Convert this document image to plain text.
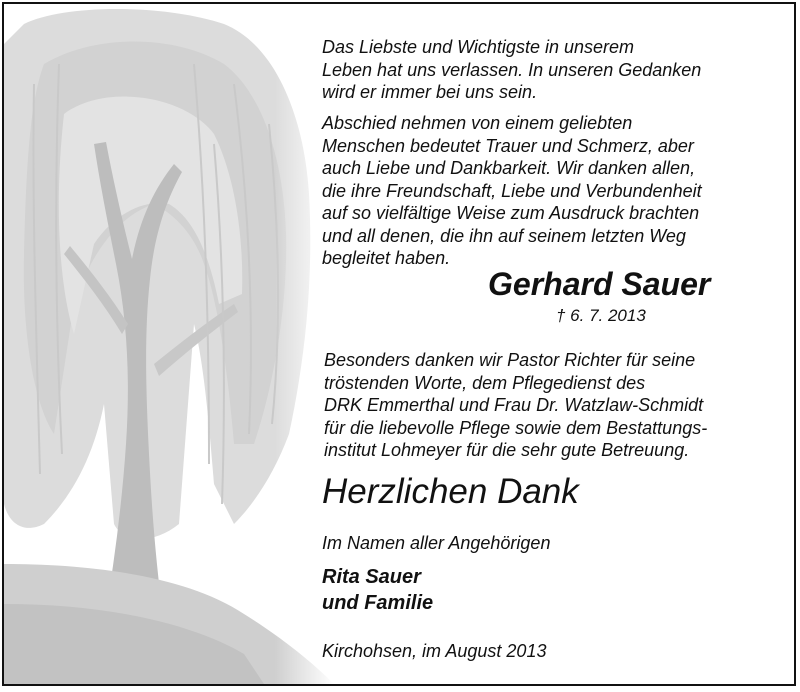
Das Liebste und Wichtigste in unserem
Leben hat uns verlassen. In unseren Gedanken
wird er immer bei uns sein.
Abschied nehmen von einem geliebten
Menschen bedeutet Trauer und Schmerz, aber
auch Liebe und Dankbarkeit. Wir danken allen,
die ihre Freundschaft, Liebe und Verbundenheit
auf so vielfältige Weise zum Ausdruck brachten
und all denen, die ihn auf seinem letzten Weg
begleitet haben.
Gerhard Sauer
† 6. 7. 2013
Besonders danken wir Pastor Richter für seine
tröstenden Worte, dem Pflegedienst des
DRK Emmerthal und Frau Dr. Watzlaw-Schmidt
für die liebevolle Pflege sowie dem Bestattungs-
institut Lohmeyer für die sehr gute Betreuung.
Herzlichen Dank
Im Namen aller Angehörigen
Rita Sauer
und Familie
Kirchohsen, im August 2013
